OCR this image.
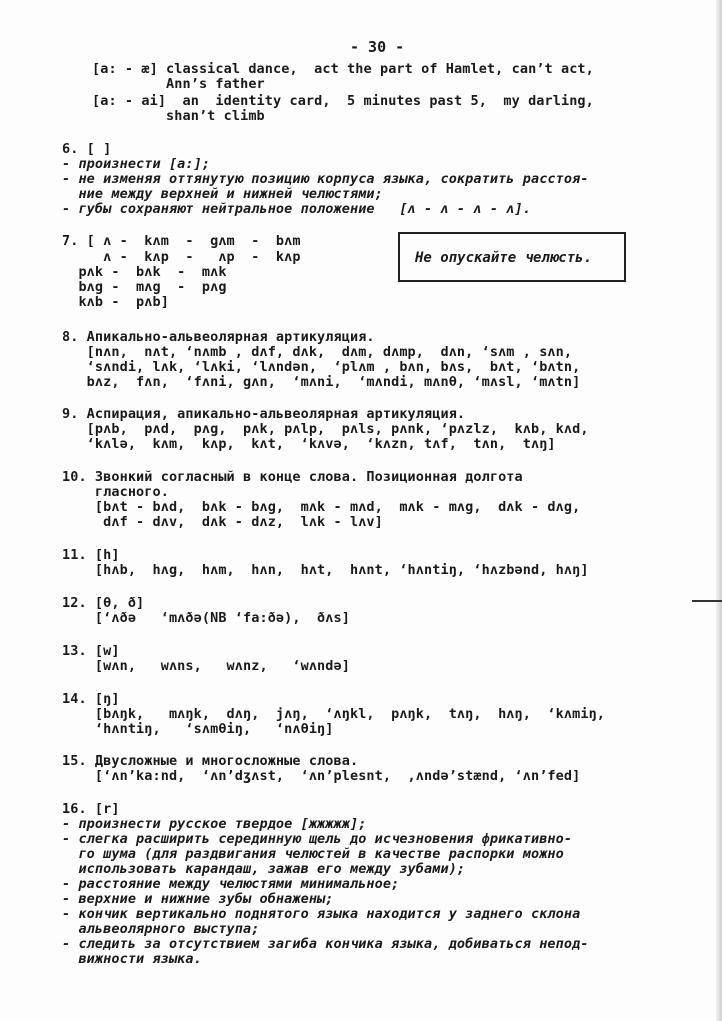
- 30 -
[a: - æ] classical dance,  act the part of Hamlet, can’t act,
Ann’s father
[a: - ai]  an  identity card,  5 minutes past 5,  my darling,
shan’t climb
6. [ ]
- произнести [a:];
- не изменяя оттянутую позицию корпуса языка, сократить расстоя-
ние между верхней и нижней челюстями;
- губы сохраняют нейтральное положение   [ʌ - ʌ - ʌ - ʌ].
7. [ ʌ -  kʌm  -  gʌm  -  bʌm
ʌ -  kʌp  -   ʌp  -  kʌp
pʌk -  bʌk  -  mʌk
bʌg -  mʌg  -  pʌg
kʌb -  pʌb]
Не опускайте челюсть.
8. Апикально-альвеолярная артикуляция.
[nʌn,  nʌt, ‘nʌmb , dʌf, dʌk,  dʌm, dʌmp,  dʌn, ‘sʌm , sʌn,
‘sʌndi, lʌk, ‘lʌki, ‘lʌndən,  ‘plʌm , bʌn, bʌs,  bʌt, ‘bʌtn,
bʌz,  fʌn,  ‘fʌni, gʌn,  ‘mʌni,  ‘mʌndi, mʌnθ, ‘mʌsl, ‘mʌtn]
9. Аспирация, апикально-альвеолярная артикуляция.
[pʌb,  pʌd,  pʌg,  pʌk, pʌlp,  pʌls, pʌnk, ‘pʌzlz,  kʌb, kʌd,
‘kʌlə,  kʌm,  kʌp,  kʌt,  ‘kʌvə,  ‘kʌzn, tʌf,  tʌn,  tʌŋ]
10. Звонкий согласный в конце слова. Позиционная долгота
гласного.
[bʌt - bʌd,  bʌk - bʌg,  mʌk - mʌd,  mʌk - mʌg,  dʌk - dʌg,
dʌf - dʌv,  dʌk - dʌz,  lʌk - lʌv]
11. [h]
[hʌb,  hʌg,  hʌm,  hʌn,  hʌt,  hʌnt, ‘hʌntiŋ, ‘hʌzbənd, hʌŋ]
12. [θ, ð]
[‘ʌðə   ‘mʌðə(NB ‘fa:ðə),  ðʌs]
13. [w]
[wʌn,   wʌns,   wʌnz,   ‘wʌndə]
14. [ŋ]
[bʌŋk,   mʌŋk,  dʌŋ,  jʌŋ,  ‘ʌŋkl,  pʌŋk,  tʌŋ,  hʌŋ,  ‘kʌmiŋ,
‘hʌntiŋ,   ‘sʌmθiŋ,   ‘nʌθiŋ]
15. Двусложные и многосложные слова.
[‘ʌn’ka:nd,  ‘ʌn’dʒʌst,  ‘ʌn’plesnt,  ,ʌndə’stænd, ‘ʌn’fed]
16. [r]
- произнести русское твердое [жжжжж];
- слегка расширить серединную щель до исчезновения фрикативно-
го шума (для раздвигания челюстей в качестве распорки можно
использовать карандаш, зажав его между зубами);
- расстояние между челюстями минимальное;
- верхние и нижние зубы обнажены;
- кончик вертикально поднятого языка находится у заднего склона
альвеолярного выступа;
- следить за отсутствием загиба кончика языка, добиваться непод-
вижности языка.
